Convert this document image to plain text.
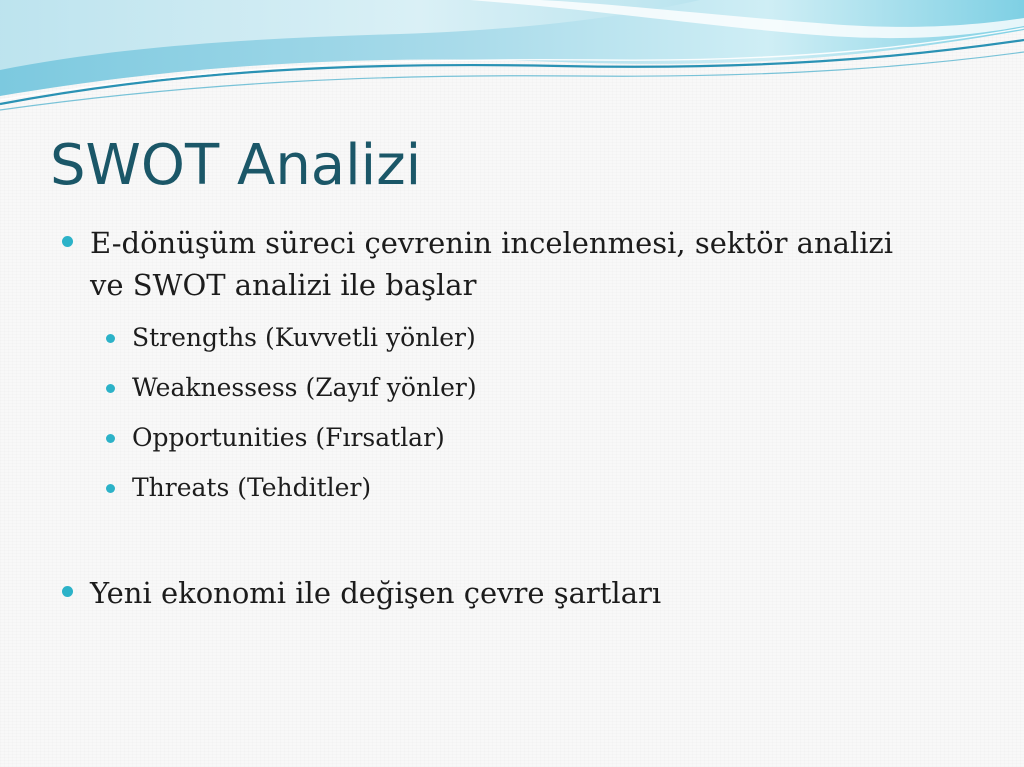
SWOT Analizi
E-dönüşüm süreci çevrenin incelenmesi, sektör analizi
ve SWOT analizi ile başlar
Strengths (Kuvvetli yönler)
Weaknessess (Zayıf yönler)
Opportunities (Fırsatlar)
Threats (Tehditler)
Yeni ekonomi ile değişen çevre şartları
